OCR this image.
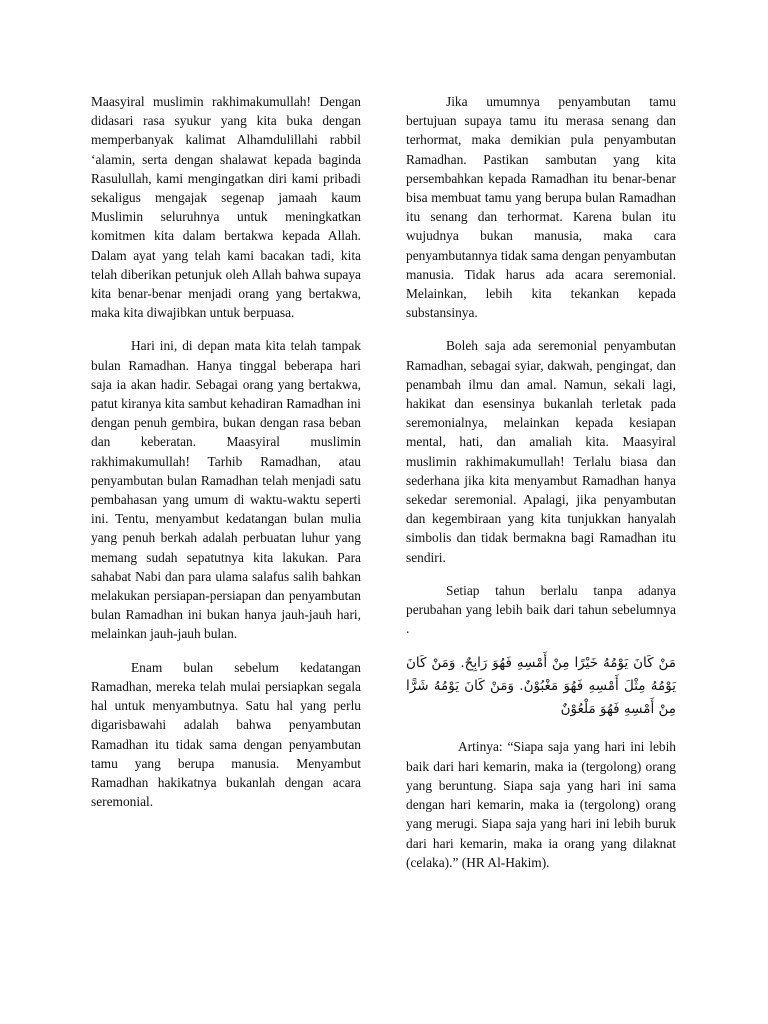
Maasyiral muslimin rakhimakumullah! Dengan didasari rasa syukur yang kita buka dengan memperbanyak kalimat Alhamdulillahi rabbil ‘alamin, serta dengan shalawat kepada baginda Rasulullah, kami mengingatkan diri kami pribadi sekaligus mengajak segenap jamaah kaum Muslimin seluruhnya untuk meningkatkan komitmen kita dalam bertakwa kepada Allah. Dalam ayat yang telah kami bacakan tadi, kita telah diberikan petunjuk oleh Allah bahwa supaya kita benar-benar menjadi orang yang bertakwa, maka kita diwajibkan untuk berpuasa.

Hari ini, di depan mata kita telah tampak bulan Ramadhan. Hanya tinggal beberapa hari saja ia akan hadir. Sebagai orang yang bertakwa, patut kiranya kita sambut kehadiran Ramadhan ini dengan penuh gembira, bukan dengan rasa beban dan keberatan. Maasyiral muslimin rakhimakumullah! Tarhib Ramadhan, atau penyambutan bulan Ramadhan telah menjadi satu pembahasan yang umum di waktu-waktu seperti ini. Tentu, menyambut kedatangan bulan mulia yang penuh berkah adalah perbuatan luhur yang memang sudah sepatutnya kita lakukan. Para sahabat Nabi dan para ulama salafus salih bahkan melakukan persiapan-persiapan dan penyambutan bulan Ramadhan ini bukan hanya jauh-jauh hari, melainkan jauh-jauh bulan.

Enam bulan sebelum kedatangan Ramadhan, mereka telah mulai persiapkan segala hal untuk menyambutnya. Satu hal yang perlu digarisbawahi adalah bahwa penyambutan Ramadhan itu tidak sama dengan penyambutan tamu yang berupa manusia. Menyambut Ramadhan hakikatnya bukanlah dengan acara seremonial.

Jika umumnya penyambutan tamu bertujuan supaya tamu itu merasa senang dan terhormat, maka demikian pula penyambutan Ramadhan. Pastikan sambutan yang kita persembahkan kepada Ramadhan itu benar-benar bisa membuat tamu yang berupa bulan Ramadhan itu senang dan terhormat. Karena bulan itu wujudnya bukan manusia, maka cara penyambutannya tidak sama dengan penyambutan manusia. Tidak harus ada acara seremonial. Melainkan, lebih kita tekankan kepada substansinya.

Boleh saja ada seremonial penyambutan Ramadhan, sebagai syiar, dakwah, pengingat, dan penambah ilmu dan amal. Namun, sekali lagi, hakikat dan esensinya bukanlah terletak pada seremonialnya, melainkan kepada kesiapan mental, hati, dan amaliah kita. Maasyiral muslimin rakhimakumullah! Terlalu biasa dan sederhana jika kita menyambut Ramadhan hanya sekedar seremonial. Apalagi, jika penyambutan dan kegembiraan yang kita tunjukkan hanyalah simbolis dan tidak bermakna bagi Ramadhan itu sendiri.

Setiap tahun berlalu tanpa adanya perubahan yang lebih baik dari tahun sebelumnya .

مَنْ كَانَ يَوْمُهُ خَيْرًا مِنْ أَمْسِهِ فَهُوَ رَابِحٌ. وَمَنْ كَانَ يَوْمُهُ مِثْلَ أَمْسِهِ فَهُوَ مَغْبُوْنٌ. وَمَنْ كَانَ يَوْمُهُ شَرًّا مِنْ أَمْسِهِ فَهُوَ مَلْعُوْنٌ

Artinya: “Siapa saja yang hari ini lebih baik dari hari kemarin, maka ia (tergolong) orang yang beruntung. Siapa saja yang hari ini sama dengan hari kemarin, maka ia (tergolong) orang yang merugi. Siapa saja yang hari ini lebih buruk dari hari kemarin, maka ia orang yang dilaknat (celaka).” (HR Al-Hakim).
